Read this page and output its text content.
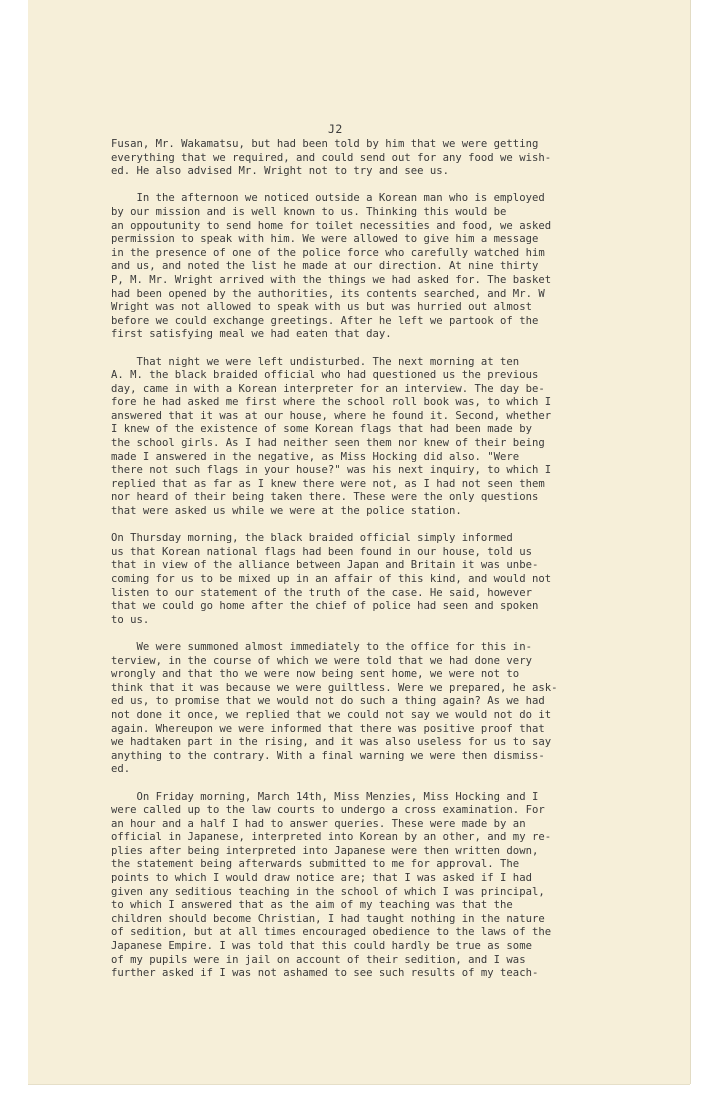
J2
Fusan, Mr. Wakamatsu, but had been told by him that we were getting
everything that we required, and could send out for any food we wish-
ed. He also advised Mr. Wright not to try and see us.
In the afternoon we noticed outside a Korean man who is employed
by our mission and is well known to us. Thinking this would be
an oppoutunity to send home for toilet necessities and food, we asked
permission to speak with him. We were allowed to give him a message
in the presence of one of the police force who carefully watched him
and us, and noted the list he made at our direction. At nine thirty
P, M. Mr. Wright arrived with the things we had asked for. The basket
had been opened by the authorities, its contents searched, and Mr. W
Wright was not allowed to speak with us but was hurried out almost
before we could exchange greetings. After he left we partook of the
first satisfying meal we had eaten that day.
That night we were left undisturbed. The next morning at ten
A. M. the black braided official who had questioned us the previous
day, came in with a Korean interpreter for an interview. The day be-
fore he had asked me first where the school roll book was, to which I
answered that it was at our house, where he found it. Second, whether
I knew of the existence of some Korean flags that had been made by
the school girls. As I had neither seen them nor knew of their being
made I answered in the negative, as Miss Hocking did also. "Were
there not such flags in your house?" was his next inquiry, to which I
replied that as far as I knew there were not, as I had not seen them
nor heard of their being taken there. These were the only questions
that were asked us while we were at the police station.
On Thursday morning, the black braided official simply informed
us that Korean national flags had been found in our house, told us
that in view of the alliance between Japan and Britain it was unbe-
coming for us to be mixed up in an affair of this kind, and would not
listen to our statement of the truth of the case. He said, however
that we could go home after the chief of police had seen and spoken
to us.
We were summoned almost immediately to the office for this in-
terview, in the course of which we were told that we had done very
wrongly and that tho we were now being sent home, we were not to
think that it was because we were guiltless. Were we prepared, he ask-
ed us, to promise that we would not do such a thing again? As we had
not done it once, we replied that we could not say we would not do it
again. Whereupon we were informed that there was positive proof that
we hadtaken part in the rising, and it was also useless for us to say
anything to the contrary. With a final warning we were then dismiss-
ed.
On Friday morning, March 14th, Miss Menzies, Miss Hocking and I
were called up to the law courts to undergo a cross examination. For
an hour and a half I had to answer queries. These were made by an
official in Japanese, interpreted into Korean by an other, and my re-
plies after being interpreted into Japanese were then written down,
the statement being afterwards submitted to me for approval. The
points to which I would draw notice are; that I was asked if I had
given any seditious teaching in the school of which I was principal,
to which I answered that as the aim of my teaching was that the
children should become Christian, I had taught nothing in the nature
of sedition, but at all times encouraged obedience to the laws of the
Japanese Empire. I was told that this could hardly be true as some
of my pupils were in jail on account of their sedition, and I was
further asked if I was not ashamed to see such results of my teach-
